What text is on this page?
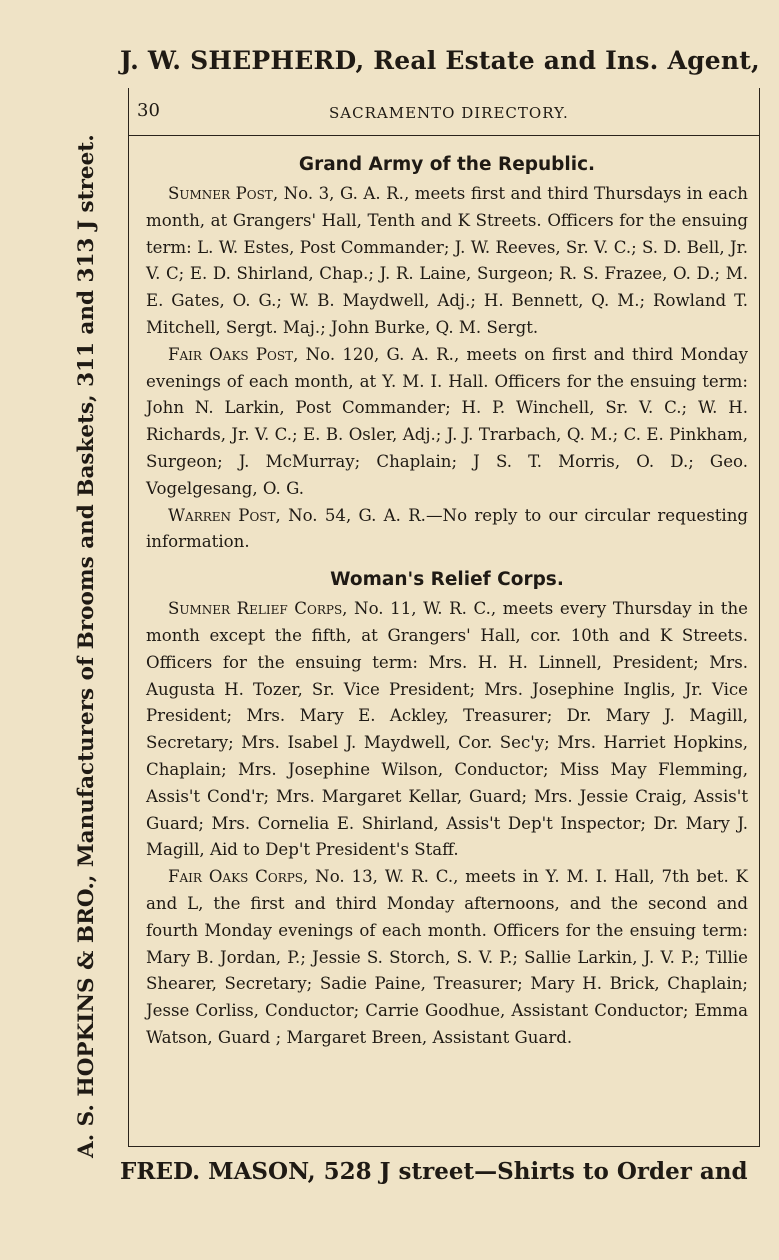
J. W. SHEPHERD, Real Estate and Ins. Agent,
A. S. HOPKINS & BRO., Manufacturers of Brooms and Baskets, 311 and 313 J street.
30	SACRAMENTO DIRECTORY.
Grand Army of the Republic.

Sumner Post, No. 3, G. A. R., meets first and third Thursdays in each month, at Grangers' Hall, Tenth and K Streets. Officers for the ensuing term: L. W. Estes, Post Commander; J. W. Reeves, Sr. V. C.; S. D. Bell, Jr. V. C; E. D. Shirland, Chap.; J. R. Laine, Surgeon; R. S. Frazee, O. D.; M. E. Gates, O. G.; W. B. Maydwell, Adj.; H. Bennett, Q. M.; Rowland T. Mitchell, Sergt. Maj.; John Burke, Q. M. Sergt.

Fair Oaks Post, No. 120, G. A. R., meets on first and third Monday evenings of each month, at Y. M. I. Hall. Officers for the ensuing term: John N. Larkin, Post Commander; H. P. Winchell, Sr. V. C.; W. H. Richards, Jr. V. C.; E. B. Osler, Adj.; J. J. Trarbach, Q. M.; C. E. Pinkham, Surgeon; J. McMurray; Chaplain; J S. T. Morris, O. D.; Geo. Vogelgesang, O. G.

Warren Post, No. 54, G. A. R.—No reply to our circular requesting information.

Woman's Relief Corps.

Sumner Relief Corps, No. 11, W. R. C., meets every Thursday in the month except the fifth, at Grangers' Hall, cor. 10th and K Streets. Officers for the ensuing term: Mrs. H. H. Linnell, President; Mrs. Augusta H. Tozer, Sr. Vice President; Mrs. Josephine Inglis, Jr. Vice President; Mrs. Mary E. Ackley, Treasurer; Dr. Mary J. Magill, Secretary; Mrs. Isabel J. Maydwell, Cor. Sec'y; Mrs. Harriet Hopkins, Chaplain; Mrs. Josephine Wilson, Conductor; Miss May Flemming, Assis't Cond'r; Mrs. Margaret Kellar, Guard; Mrs. Jessie Craig, Assis't Guard; Mrs. Cornelia E. Shirland, Assis't Dep't Inspector; Dr. Mary J. Magill, Aid to Dep't President's Staff.

Fair Oaks Corps, No. 13, W. R. C., meets in Y. M. I. Hall, 7th bet. K and L, the first and third Monday afternoons, and the second and fourth Monday evenings of each month. Officers for the ensuing term: Mary B. Jordan, P.; Jessie S. Storch, S. V. P.; Sallie Larkin, J. V. P.; Tillie Shearer, Secretary; Sadie Paine, Treasurer; Mary H. Brick, Chaplain; Jesse Corliss, Conductor; Carrie Goodhue, Assistant Conductor; Emma Watson, Guard ; Margaret Breen, Assistant Guard.

FRED. MASON, 528 J street—Shirts to Order and
